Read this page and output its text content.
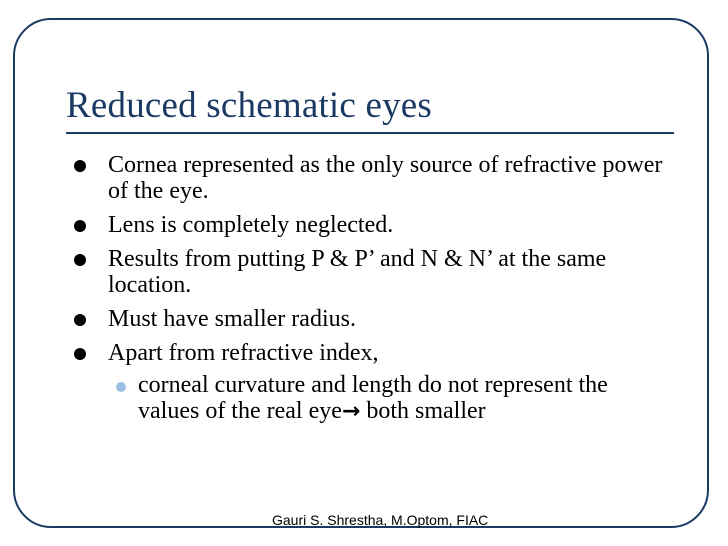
Reduced schematic eyes
Cornea represented as the only source of refractive power of the eye.
Lens is completely neglected.
Results from putting P & P’ and N & N’ at the same location.
Must have smaller radius.
Apart from refractive index,
corneal curvature and length do not represent the values of the real eye→ both smaller
Gauri S. Shrestha, M.Optom, FIAC
